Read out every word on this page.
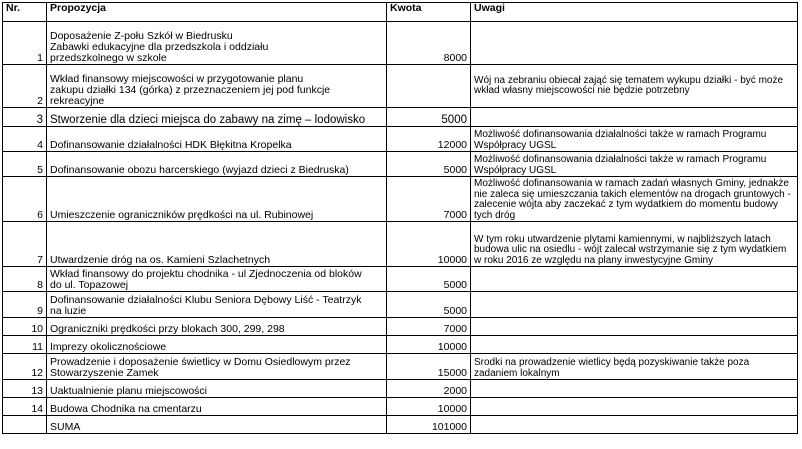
Nr.	Propozycja	Kwota	Uwagi
1	Doposażenie Z-połu Szkół w Biedrusku
Zabawki edukacyjne dla przedszkola i oddziału
przedszkolnego w szkole	8000	
2	Wkład finansowy miejscowości w przygotowanie planu
zakupu działki 134 (górka) z przeznaczeniem jej pod funkcje
rekreacyjne		Wój na zebraniu obiecał zająć się tematem wykupu działki - być może wkład własny miejscowości nie będzie potrzebny
3	Stworzenie dla dzieci miejsca do zabawy na zimę – lodowisko	5000	
4	Dofinansowanie działalności HDK Błękitna Kropelka	12000	Możliwość dofinansowania działalności także w ramach Programu Współpracy UGSL
5	Dofinansowanie obozu harcerskiego (wyjazd dzieci z Biedruska)	5000	Możliwość dofinansowania działalności także w ramach Programu Współpracy UGSL
6	Umieszczenie ograniczników prędkości na ul. Rubinowej	7000	Możliwość dofinansowania w ramach zadań własnych Gminy, jednakże nie zaleca się umieszczania takich elementów na drogach gruntowych - zalecenie wójta aby zaczekać z tym wydatkiem do momentu budowy tych dróg
7	Utwardzenie dróg na os. Kamieni Szlachetnych	10000	W tym roku utwardzenie plytami kamiennymi, w najbliższych latach budowa ulic na osiedlu - wójt zalecał wstrzymanie się z tym wydatkiem w roku 2016 ze względu na plany inwestycyjne Gminy
8	Wkład finansowy do projektu chodnika - ul Zjednoczenia od bloków
do ul. Topazowej	5000	
9	Dofinansowanie działalności Klubu Seniora Dębowy Liść - Teatrzyk
na luzie	5000	
10	Ograniczniki prędkości przy blokach 300, 299, 298	7000	
11	Imprezy okolicznościowe	10000	
12	Prowadzenie i doposażenie świetlicy w Domu Osiedlowym przez
Stowarzyszenie Zamek	15000	Srodki na prowadzenie wietlicy będą pozyskiwanie także poza zadaniem lokalnym
13	Uaktualnienie planu miejscowości	2000	
14	Budowa Chodnika na cmentarzu	10000	
	SUMA	101000	
